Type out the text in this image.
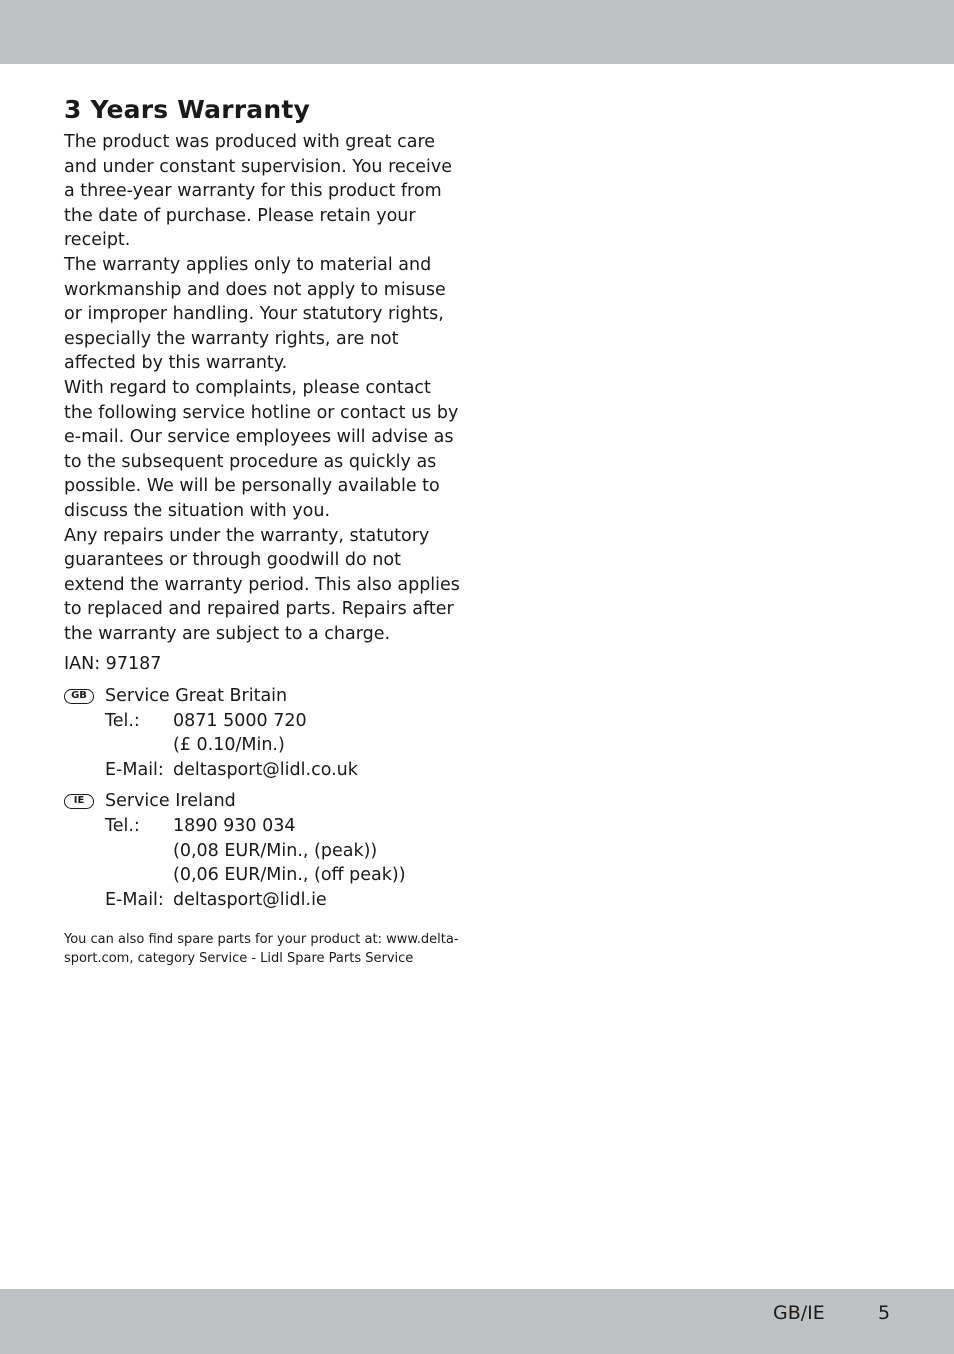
3 Years Warranty

The product was produced with great care and under constant supervision. You receive a three-year warranty for this product from the date of purchase. Please retain your receipt.

The warranty applies only to material and workmanship and does not apply to misuse or improper handling. Your statutory rights, especially the warranty rights, are not affected by this warranty.

With regard to complaints, please contact the following service hotline or contact us by e-mail. Our service employees will advise as to the subsequent procedure as quickly as possible. We will be personally available to discuss the situation with you.

Any repairs under the warranty, statutory guarantees or through goodwill do not extend the warranty period. This also applies to replaced and repaired parts. Repairs after the warranty are subject to a charge.

IAN: 97187
GB	Service Great Britain
Tel.:	0871 5000 720
(£ 0.10/Min.)
E-Mail: deltasport@lidl.co.uk
IE	Service Ireland
Tel.:	1890 930 034
(0,08 EUR/Min., (peak))
(0,06 EUR/Min., (off peak))
E-Mail: deltasport@lidl.ie
You can also find spare parts for your product at: www.delta-sport.com, category Service - Lidl Spare Parts Service
GB/IE	5
